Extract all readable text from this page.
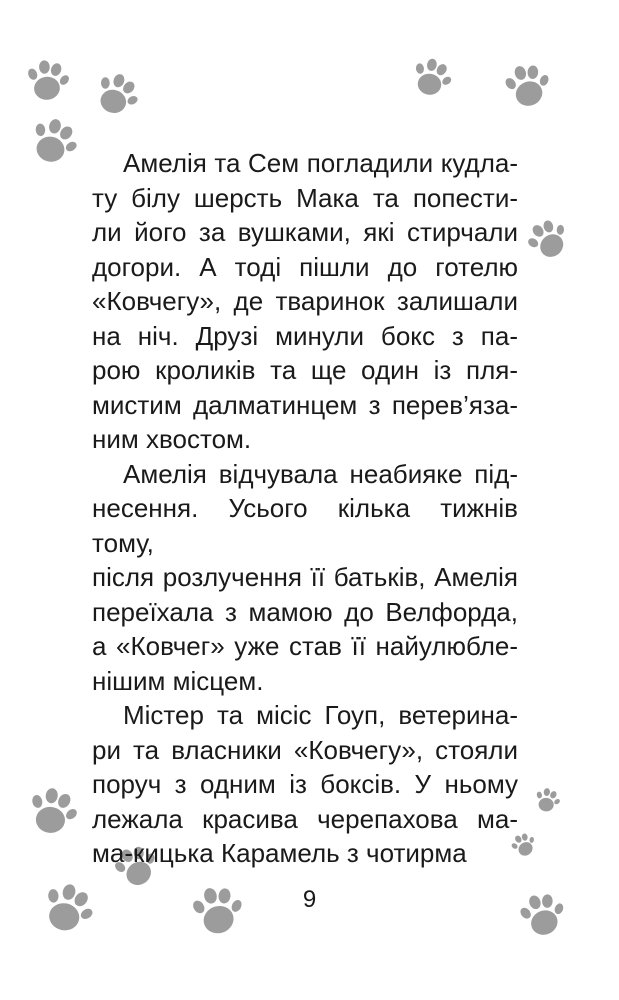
Амелія та Сем погладили кудла-
ту білу шерсть Мака та попести-
ли його за вушками, які стирчали
догори. А тоді пішли до готелю
«Ковчегу», де тваринок залишали
на ніч. Друзі минули бокс з па-
рою кроликів та ще один із пля-
мистим далматинцем з перев’яза-
ним хвостом.

Амелія відчувала неабияке під-
несення. Усього кілька тижнів тому,
після розлучення її батьків, Амелія
переїхала з мамою до Велфорда,
а «Ковчег» уже став її найулюбле-
нішим місцем.

Містер та місіс Гоуп, ветерина-
ри та власники «Ковчегу», стояли
поруч з одним із боксів. У ньому
лежала красива черепахова ма-
ма-кицька Карамель з чотирма

9
